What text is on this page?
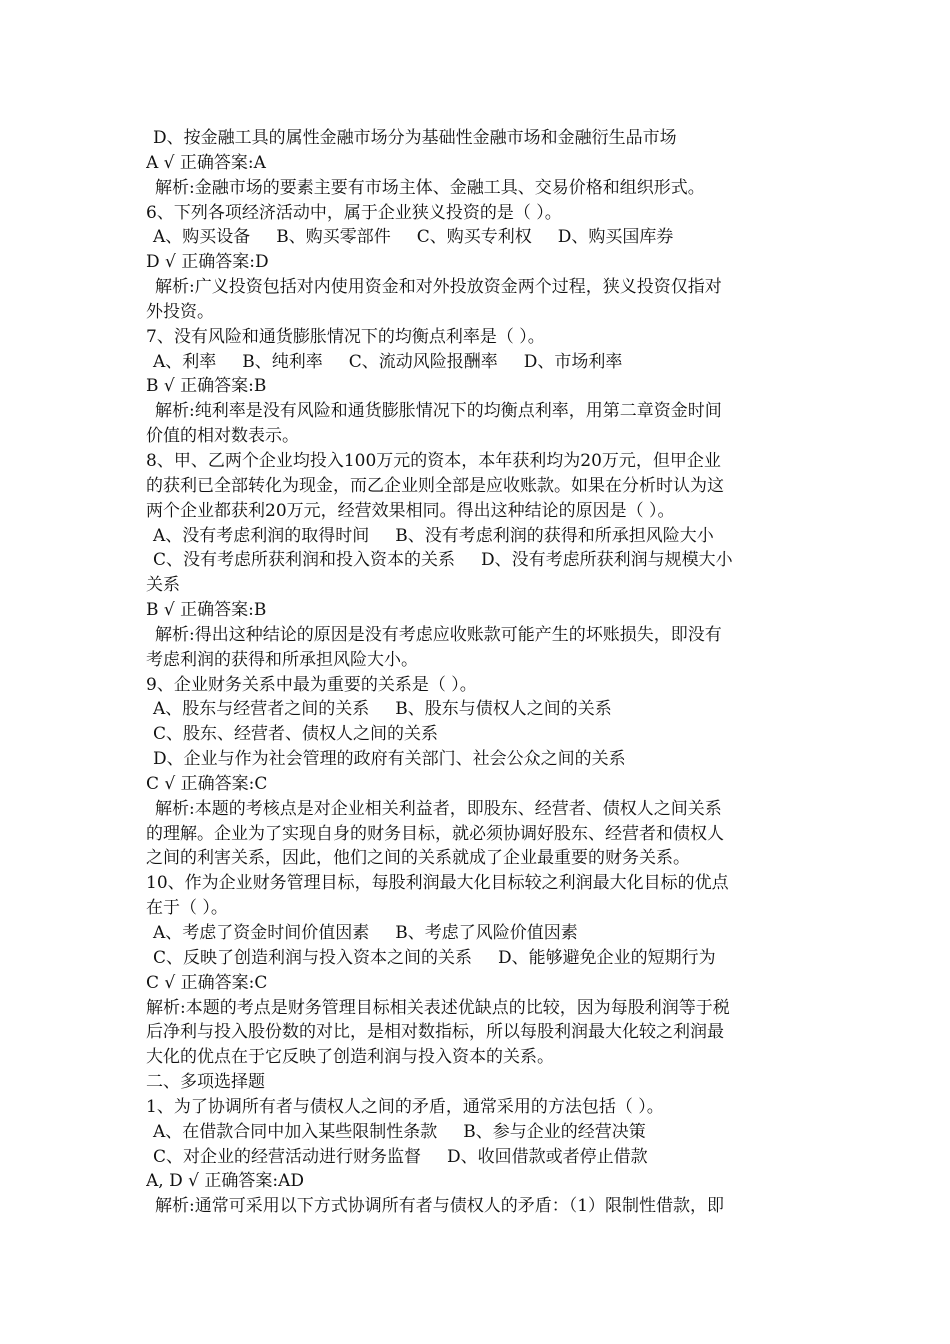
D、按金融工具的属性金融市场分为基础性金融市场和金融衍生品市场
A √ 正确答案:A
解析:金融市场的要素主要有市场主体、金融工具、交易价格和组织形式。
6、下列各项经济活动中，属于企业狭义投资的是（ ）。
A、购买设备 B、购买零部件 C、购买专利权 D、购买国库券
D √ 正确答案:D
解析:广义投资包括对内使用资金和对外投放资金两个过程，狭义投资仅指对
外投资。
7、没有风险和通货膨胀情况下的均衡点利率是（ ）。
A、利率 B、纯利率 C、流动风险报酬率 D、市场利率
B √ 正确答案:B
解析:纯利率是没有风险和通货膨胀情况下的均衡点利率，用第二章资金时间
价值的相对数表示。
8、甲、乙两个企业均投入100万元的资本，本年获利均为20万元，但甲企业
的获利已全部转化为现金，而乙企业则全部是应收账款。如果在分析时认为这
两个企业都获利20万元，经营效果相同。得出这种结论的原因是（ ）。
A、没有考虑利润的取得时间 B、没有考虑利润的获得和所承担风险大小
C、没有考虑所获利润和投入资本的关系 D、没有考虑所获利润与规模大小
关系
B √ 正确答案:B
解析:得出这种结论的原因是没有考虑应收账款可能产生的坏账损失，即没有
考虑利润的获得和所承担风险大小。
9、企业财务关系中最为重要的关系是（ ）。
A、股东与经营者之间的关系 B、股东与债权人之间的关系
C、股东、经营者、债权人之间的关系
D、企业与作为社会管理的政府有关部门、社会公众之间的关系
C √ 正确答案:C
解析:本题的考核点是对企业相关利益者，即股东、经营者、债权人之间关系
的理解。企业为了实现自身的财务目标，就必须协调好股东、经营者和债权人
之间的利害关系，因此，他们之间的关系就成了企业最重要的财务关系。
10、作为企业财务管理目标，每股利润最大化目标较之利润最大化目标的优点
在于（ ）。
A、考虑了资金时间价值因素 B、考虑了风险价值因素
C、反映了创造利润与投入资本之间的关系 D、能够避免企业的短期行为
C √ 正确答案:C
解析:本题的考点是财务管理目标相关表述优缺点的比较，因为每股利润等于税
后净利与投入股份数的对比，是相对数指标，所以每股利润最大化较之利润最
大化的优点在于它反映了创造利润与投入资本的关系。
二、多项选择题
1、为了协调所有者与债权人之间的矛盾，通常采用的方法包括（ ）。
A、在借款合同中加入某些限制性条款 B、参与企业的经营决策
C、对企业的经营活动进行财务监督 D、收回借款或者停止借款
A, D √ 正确答案:AD
解析:通常可采用以下方式协调所有者与债权人的矛盾：（1）限制性借款，即
